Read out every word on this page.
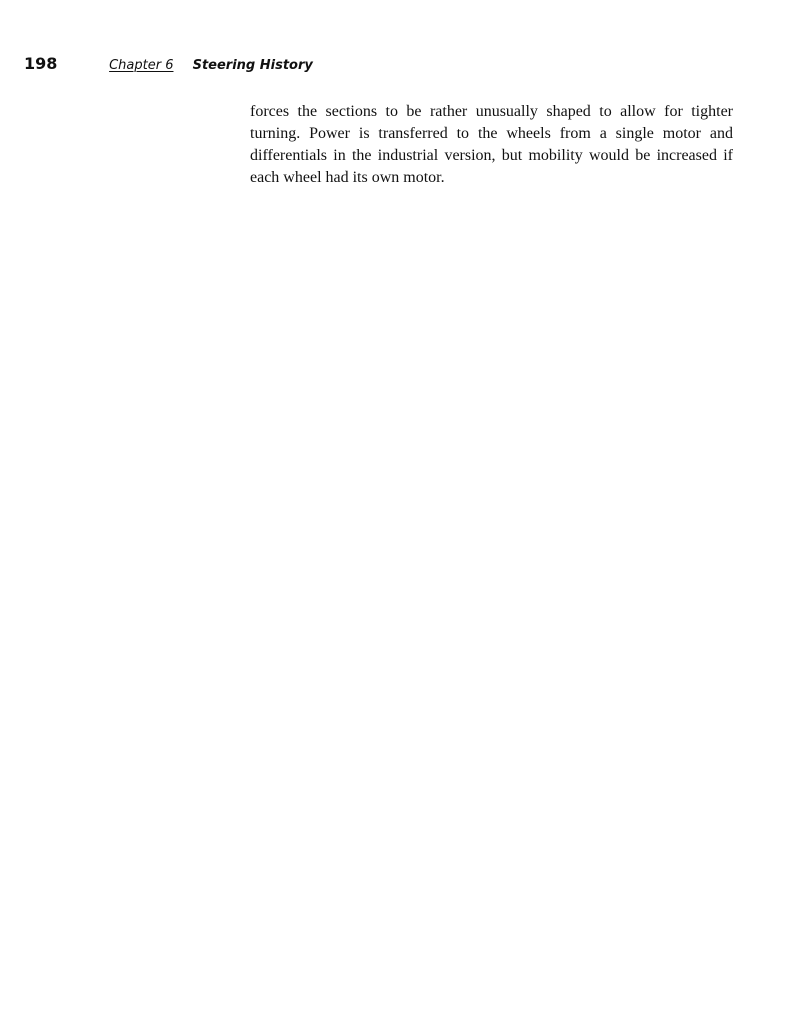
198	Chapter 6 Steering History

forces the sections to be rather unusually shaped to allow for tighter turning. Power is transferred to the wheels from a single motor and differentials in the industrial version, but mobility would be increased if each wheel had its own motor.
